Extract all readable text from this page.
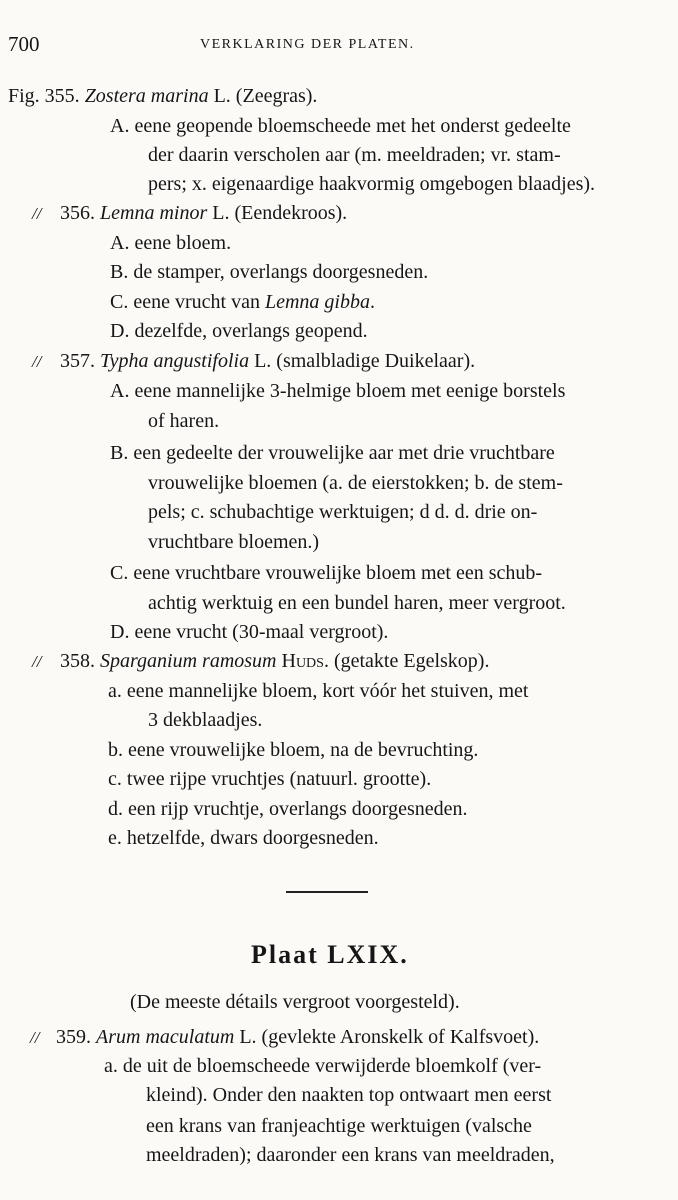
700	VERKLARING DER PLATEN.
Fig. 355. Zostera marina L. (Zeegras).
A. eene geopende bloemscheede met het onderst gedeelte
der daarin verscholen aar (m. meeldraden; vr. stam-
pers; x. eigenaardige haakvormig omgebogen blaadjes).
// 356. Lemna minor L. (Eendekroos).
A. eene bloem.
B. de stamper, overlangs doorgesneden.
C. eene vrucht van Lemna gibba.
D. dezelfde, overlangs geopend.
// 357. Typha angustifolia L. (smalbladige Duikelaar).
A. eene mannelijke 3-helmige bloem met eenige borstels
of haren.
B. een gedeelte der vrouwelijke aar met drie vruchtbare
vrouwelijke bloemen (a. de eierstokken; b. de stem-
pels; c. schubachtige werktuigen; d d. d. drie on-
vruchtbare bloemen.)
C. eene vruchtbare vrouwelijke bloem met een schub-
achtig werktuig en een bundel haren, meer vergroot.
D. eene vrucht (30-maal vergroot).
// 358. Sparganium ramosum Huds. (getakte Egelskop).
a. eene mannelijke bloem, kort vóór het stuiven, met
3 dekblaadjes.
b. eene vrouwelijke bloem, na de bevruchting.
c. twee rijpe vruchtjes (natuurl. grootte).
d. een rijp vruchtje, overlangs doorgesneden.
e. hetzelfde, dwars doorgesneden.
Plaat LXIX.
(De meeste détails vergroot voorgesteld).
// 359. Arum maculatum L. (gevlekte Aronskelk of Kalfsvoet).
a. de uit de bloemscheede verwijderde bloemkolf (ver-
kleind). Onder den naakten top ontwaart men eerst
een krans van franjeachtige werktuigen (valsche
meeldraden); daaronder een krans van meeldraden,
